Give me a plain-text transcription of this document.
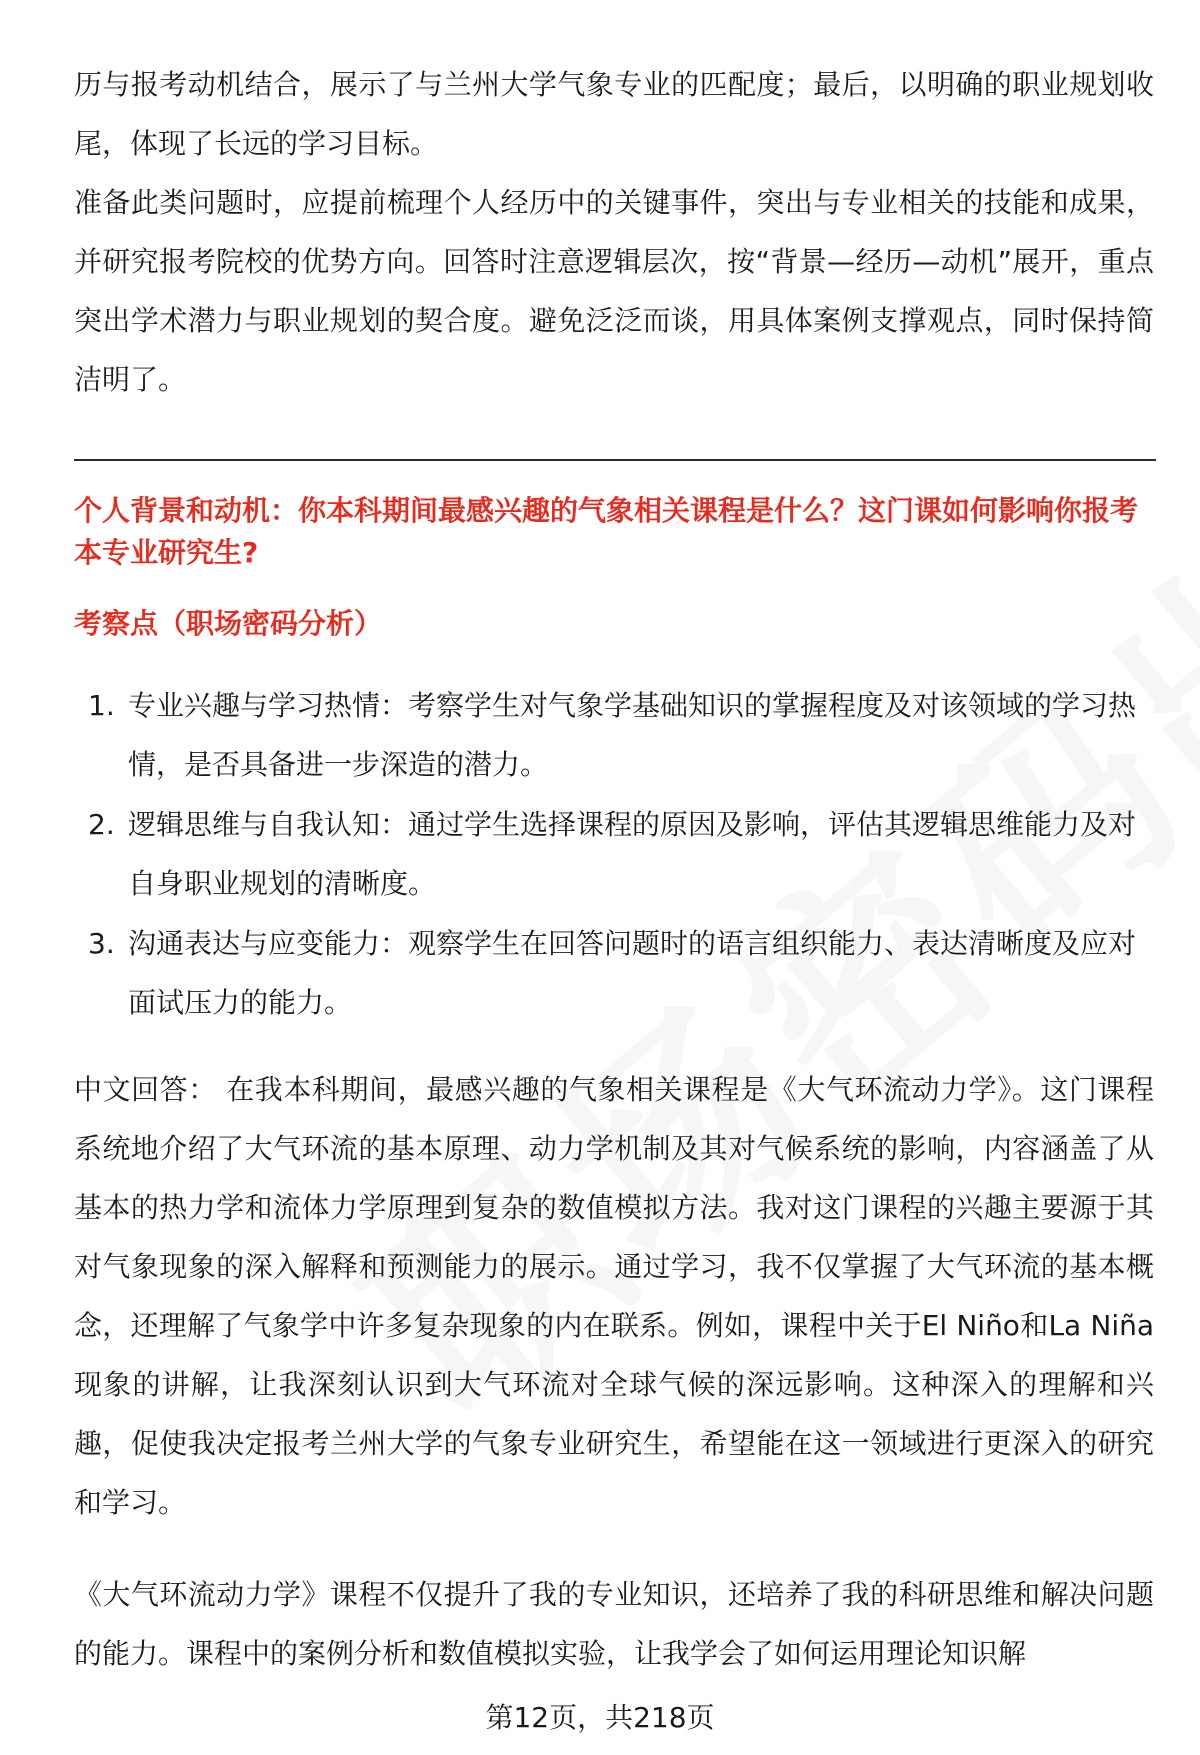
历与报考动机结合，展示了与兰州大学气象专业的匹配度；最后，以明确的职业规划收尾，体现了长远的学习目标。

准备此类问题时，应提前梳理个人经历中的关键事件，突出与专业相关的技能和成果，并研究报考院校的优势方向。回答时注意逻辑层次，按“背景—经历—动机”展开，重点突出学术潜力与职业规划的契合度。避免泛泛而谈，用具体案例支撑观点，同时保持简洁明了。

个人背景和动机：你本科期间最感兴趣的气象相关课程是什么？这门课如何影响你报考本专业研究生?

考察点（职场密码分析）

1. 专业兴趣与学习热情：考察学生对气象学基础知识的掌握程度及对该领域的学习热情，是否具备进一步深造的潜力。
2. 逻辑思维与自我认知：通过学生选择课程的原因及影响，评估其逻辑思维能力及对自身职业规划的清晰度。
3. 沟通表达与应变能力：观察学生在回答问题时的语言组织能力、表达清晰度及应对面试压力的能力。

中文回答： 在我本科期间，最感兴趣的气象相关课程是《大气环流动力学》。这门课程系统地介绍了大气环流的基本原理、动力学机制及其对气候系统的影响，内容涵盖了从基本的热力学和流体力学原理到复杂的数值模拟方法。我对这门课程的兴趣主要源于其对气象现象的深入解释和预测能力的展示。通过学习，我不仅掌握了大气环流的基本概念，还理解了气象学中许多复杂现象的内在联系。例如，课程中关于El Niño和La Niña现象的讲解，让我深刻认识到大气环流对全球气候的深远影响。这种深入的理解和兴趣，促使我决定报考兰州大学的气象专业研究生，希望能在这一领域进行更深入的研究和学习。

《大气环流动力学》课程不仅提升了我的专业知识，还培养了我的科研思维和解决问题的能力。课程中的案例分析和数值模拟实验，让我学会了如何运用理论知识解

第12页，共218页
